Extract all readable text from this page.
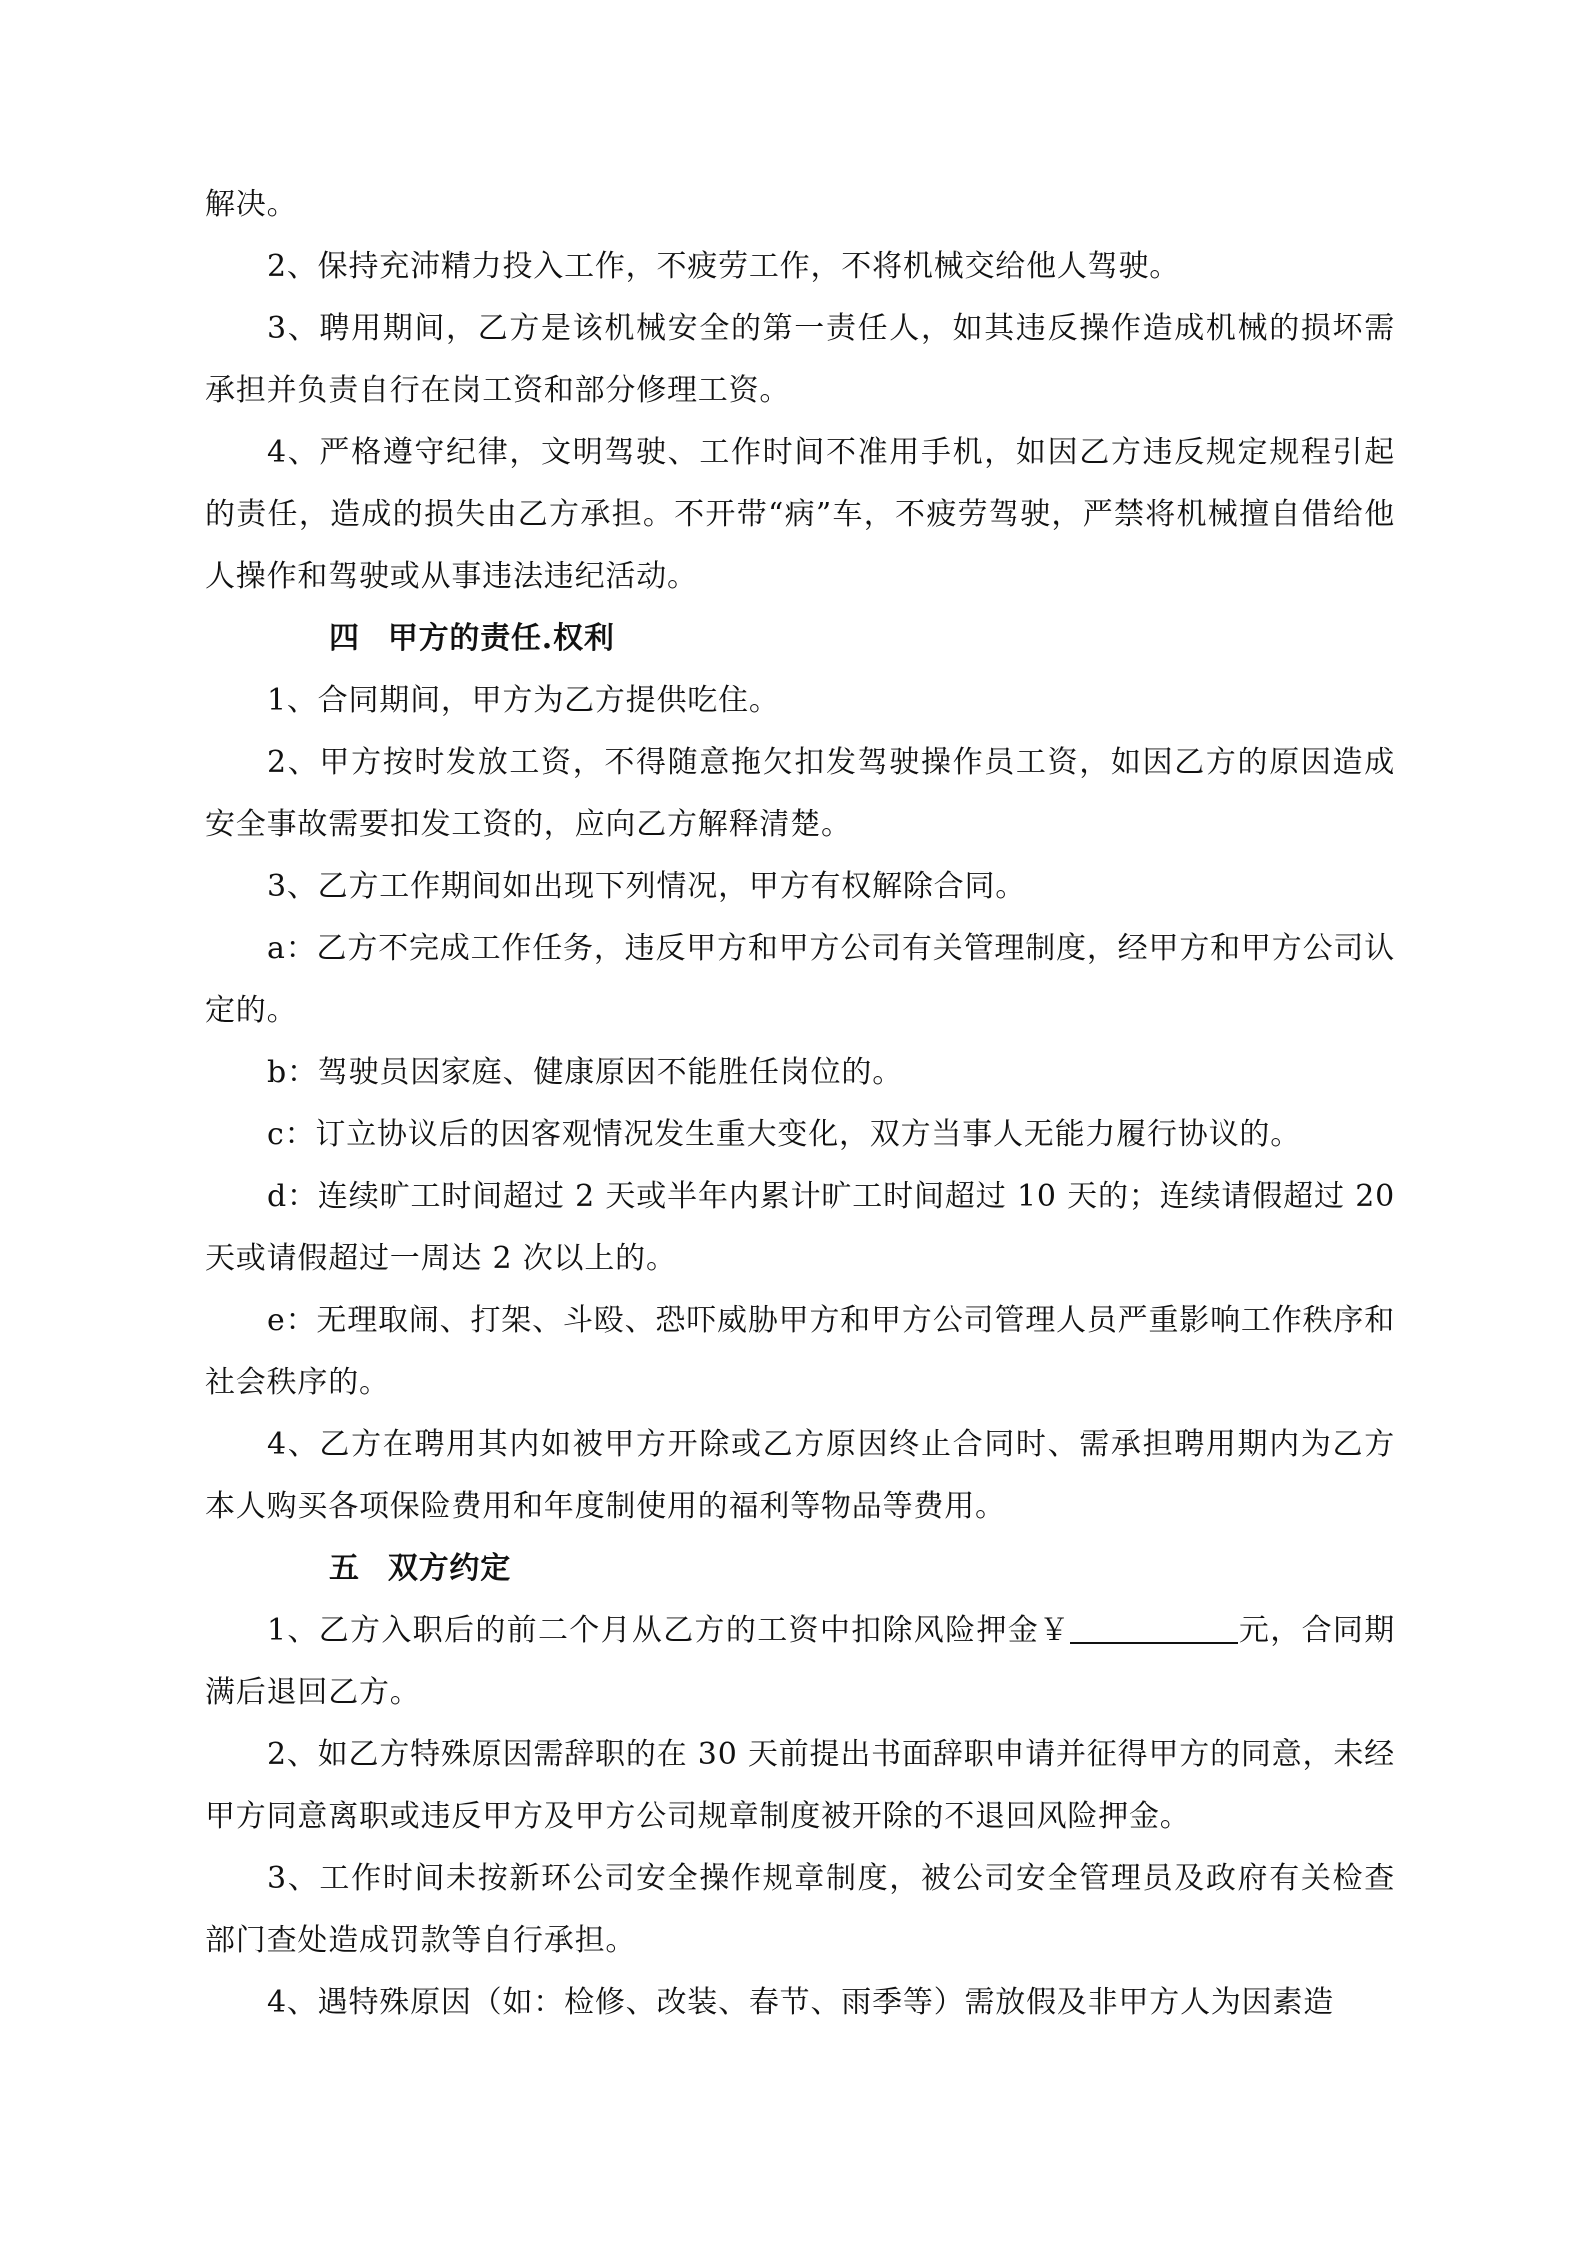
解决。

2、保持充沛精力投入工作，不疲劳工作，不将机械交给他人驾驶。

3、聘用期间，乙方是该机械安全的第一责任人，如其违反操作造成机械的损坏需承担并负责自行在岗工资和部分修理工资。

4、严格遵守纪律，文明驾驶、工作时间不准用手机，如因乙方违反规定规程引起的责任，造成的损失由乙方承担。不开带“病”车，不疲劳驾驶，严禁将机械擅自借给他人操作和驾驶或从事违法违纪活动。

四 甲方的责任.权利

1、合同期间，甲方为乙方提供吃住。

2、甲方按时发放工资，不得随意拖欠扣发驾驶操作员工资，如因乙方的原因造成安全事故需要扣发工资的，应向乙方解释清楚。

3、乙方工作期间如出现下列情况，甲方有权解除合同。

a：乙方不完成工作任务，违反甲方和甲方公司有关管理制度，经甲方和甲方公司认定的。

b：驾驶员因家庭、健康原因不能胜任岗位的。

c：订立协议后的因客观情况发生重大变化，双方当事人无能力履行协议的。

d：连续旷工时间超过 2 天或半年内累计旷工时间超过 10 天的；连续请假超过 20 天或请假超过一周达 2 次以上的。

e：无理取闹、打架、斗殴、恐吓威胁甲方和甲方公司管理人员严重影响工作秩序和社会秩序的。

4、乙方在聘用其内如被甲方开除或乙方原因终止合同时、需承担聘用期内为乙方本人购买各项保险费用和年度制使用的福利等物品等费用。

五 双方约定

1、乙方入职后的前二个月从乙方的工资中扣除风险押金￥	元，合同期满后退回乙方。

2、如乙方特殊原因需辞职的在 30 天前提出书面辞职申请并征得甲方的同意，未经甲方同意离职或违反甲方及甲方公司规章制度被开除的不退回风险押金。

3、工作时间未按新环公司安全操作规章制度，被公司安全管理员及政府有关检查部门查处造成罚款等自行承担。

4、遇特殊原因（如：检修、改装、春节、雨季等）需放假及非甲方人为因素造
